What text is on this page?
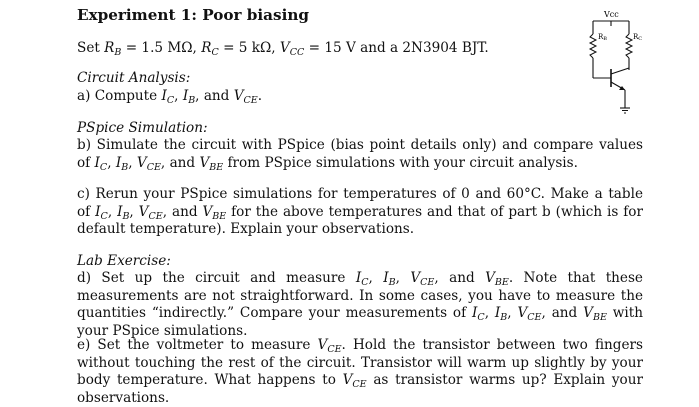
Experiment 1: Poor biasing
Set $R_B = 1.5$ MΩ, $R_C = 5$ kΩ, $V_{CC} = 15$ V and a 2N3904 BJT.
Vcc
RB	RC
Circuit Analysis:
a) Compute $I_C$, $I_B$, and $V_{CE}$.
PSpice Simulation:
b) Simulate the circuit with PSpice (bias point details only) and compare values of $I_C$, $I_B$, $V_{CE}$, and $V_{BE}$ from PSpice simulations with your circuit analysis.
c) Rerun your PSpice simulations for temperatures of 0 and 60°C. Make a table of $I_C$, $I_B$, $V_{CE}$, and $V_{BE}$ for the above temperatures and that of part b (which is for default temperature). Explain your observations.
Lab Exercise:
d) Set up the circuit and measure $I_C$, $I_B$, $V_{CE}$, and $V_{BE}$. Note that these measurements are not straightforward. In some cases, you have to measure the quantities “indirectly.” Compare your measurements of $I_C$, $I_B$, $V_{CE}$, and $V_{BE}$ with your PSpice simulations.
e) Set the voltmeter to measure $V_{CE}$. Hold the transistor between two fingers without touching the rest of the circuit. Transistor will warm up slightly by your body temperature. What happens to $V_{CE}$ as transistor warms up? Explain your observations.
